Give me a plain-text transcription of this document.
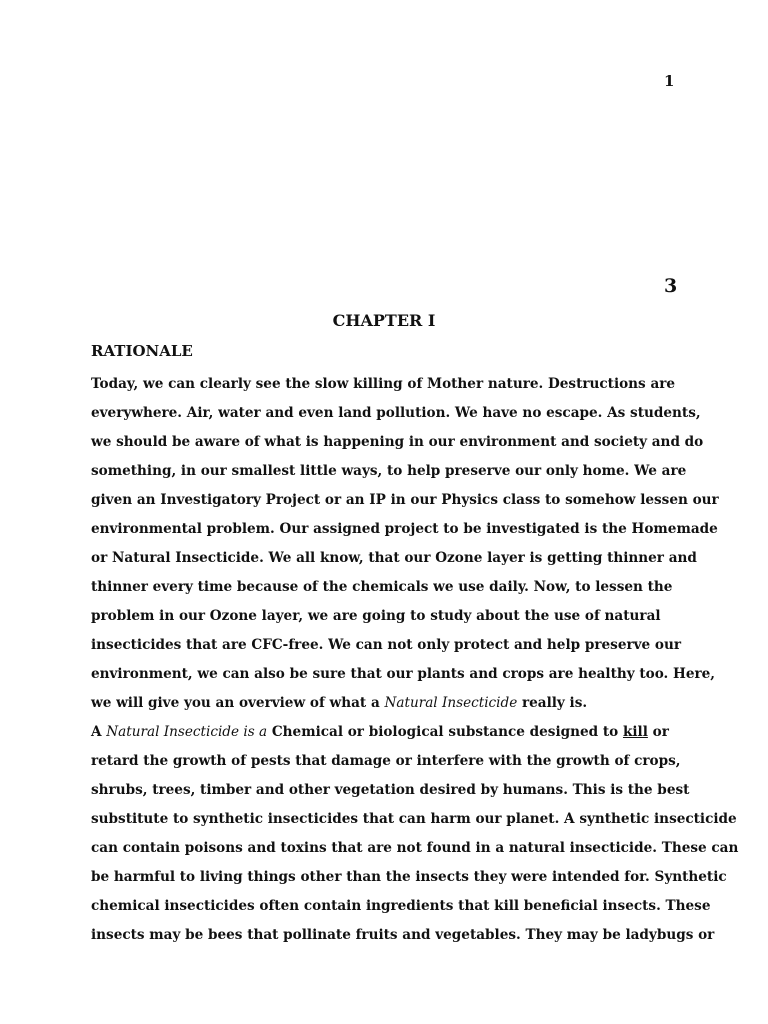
1
3
CHAPTER I
RATIONALE
Today, we can clearly see the slow killing of Mother nature. Destructions are
everywhere. Air, water and even land pollution. We have no escape. As students,
we should be aware of what is happening in our environment and society and do
something, in our smallest little ways, to help preserve our only home. We are
given an Investigatory Project or an IP in our Physics class to somehow lessen our
environmental problem. Our assigned project to be investigated is the Homemade
or Natural Insecticide. We all know, that our Ozone layer is getting thinner and
thinner every time because of the chemicals we use daily. Now, to lessen the
problem in our Ozone layer, we are going to study about the use of natural
insecticides that are CFC-free. We can not only protect and help preserve our
environment, we can also be sure that our plants and crops are healthy too. Here,
we will give you an overview of what a Natural Insecticide really is.
A Natural Insecticide is a Chemical or biological substance designed to kill or
retard the growth of pests that damage or interfere with the growth of crops,
shrubs, trees, timber and other vegetation desired by humans. This is the best
substitute to synthetic insecticides that can harm our planet. A synthetic insecticide
can contain poisons and toxins that are not found in a natural insecticide. These can
be harmful to living things other than the insects they were intended for. Synthetic
chemical insecticides often contain ingredients that kill beneficial insects. These
insects may be bees that pollinate fruits and vegetables. They may be ladybugs or
